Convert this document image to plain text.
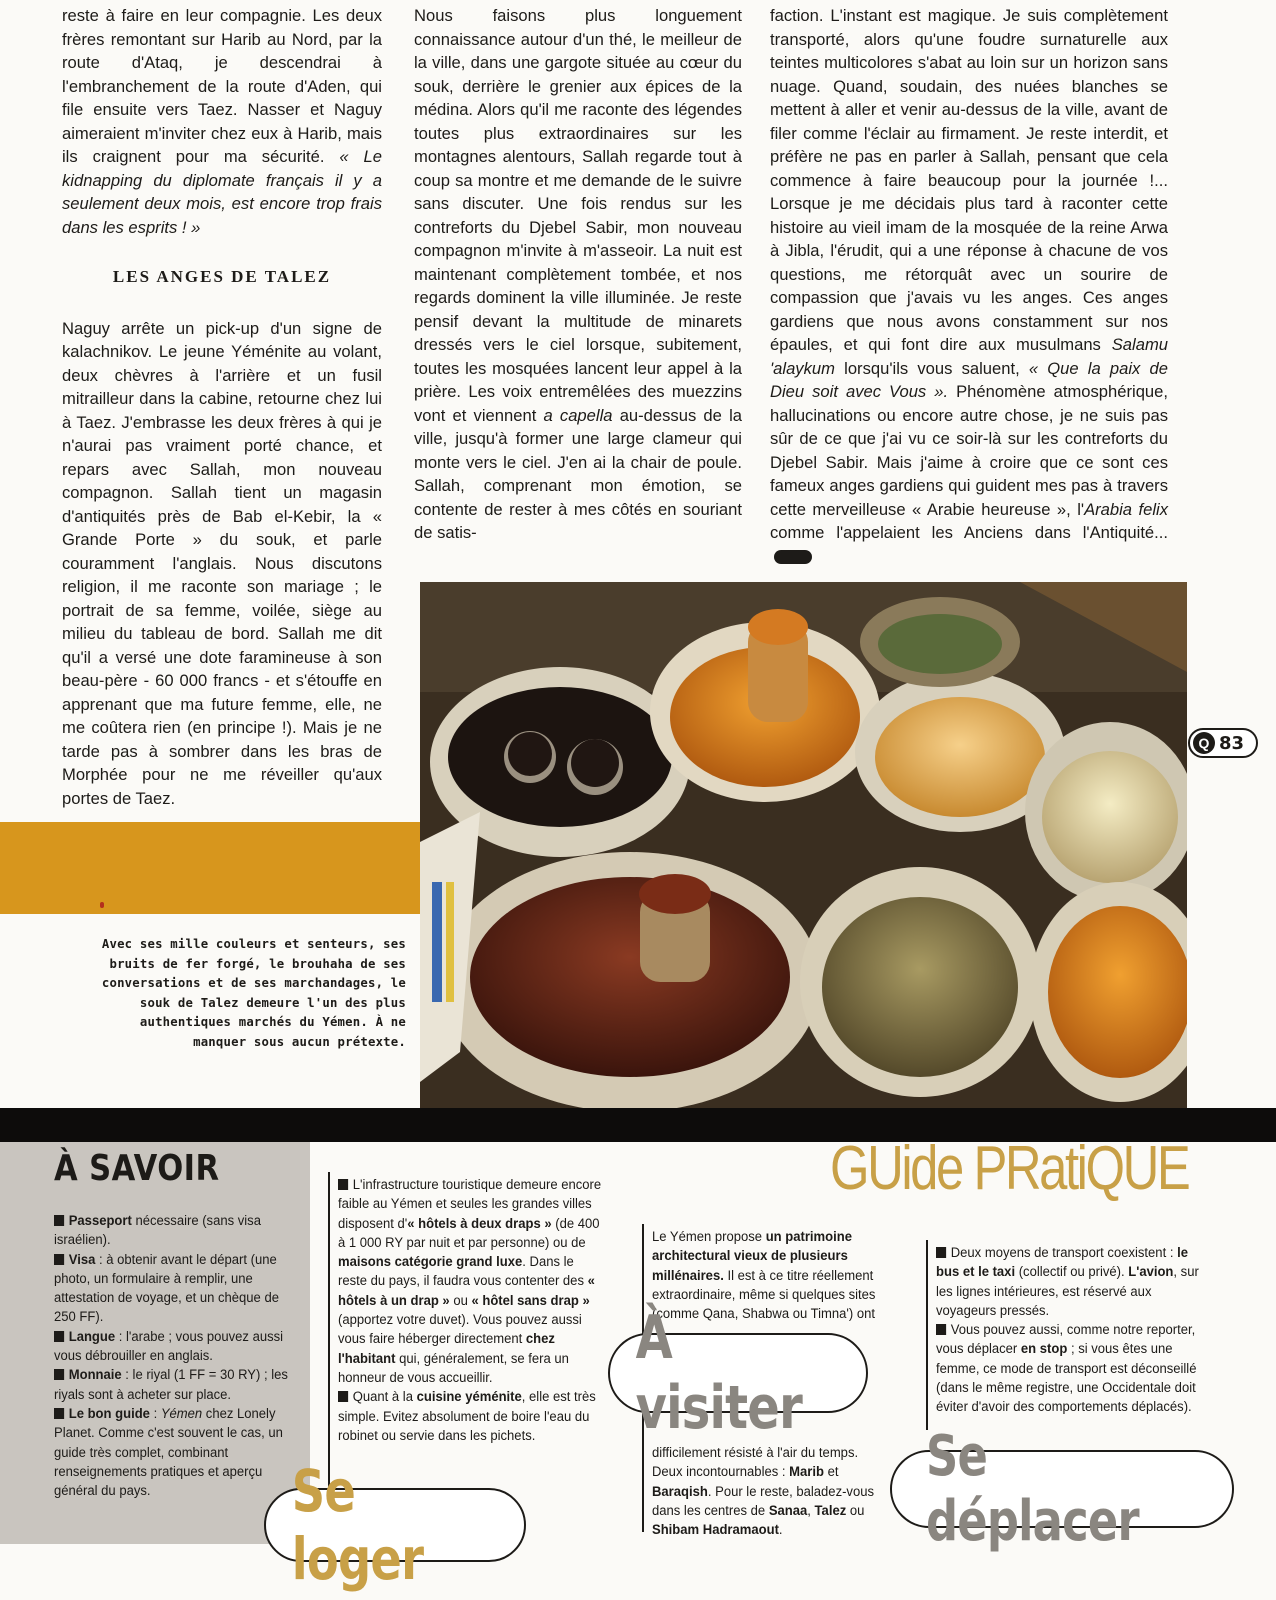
reste à faire en leur compagnie. Les deux frères remontant sur Harib au Nord, par la route d'Ataq, je descendrai à l'embranchement de la route d'Aden, qui file ensuite vers Taez. Nasser et Naguy aimeraient m'inviter chez eux à Harib, mais ils craignent pour ma sécurité. « Le kidnapping du diplomate français il y a seulement deux mois, est encore trop frais dans les esprits ! »

LES ANGES DE TALEZ

Naguy arrête un pick-up d'un signe de kalachnikov. Le jeune Yéménite au volant, deux chèvres à l'arrière et un fusil mitrailleur dans la cabine, retourne chez lui à Taez. J'embrasse les deux frères à qui je n'aurai pas vraiment porté chance, et repars avec Sallah, mon nouveau compagnon. Sallah tient un magasin d'antiquités près de Bab el-Kebir, la « Grande Porte » du souk, et parle couramment l'anglais. Nous discutons religion, il me raconte son mariage ; le portrait de sa femme, voilée, siège au milieu du tableau de bord. Sallah me dit qu'il a versé une dote faramineuse à son beau-père - 60 000 francs - et s'étouffe en apprenant que ma future femme, elle, ne me coûtera rien (en principe !). Mais je ne tarde pas à sombrer dans les bras de Morphée pour ne me réveiller qu'aux portes de Taez.

Nous faisons plus longuement connaissance autour d'un thé, le meilleur de la ville, dans une gargote située au cœur du souk, derrière le grenier aux épices de la médina. Alors qu'il me raconte des légendes toutes plus extraordinaires sur les montagnes alentours, Sallah regarde tout à coup sa montre et me demande de le suivre sans discuter. Une fois rendus sur les contreforts du Djebel Sabir, mon nouveau compagnon m'invite à m'asseoir. La nuit est maintenant complètement tombée, et nos regards dominent la ville illuminée. Je reste pensif devant la multitude de minarets dressés vers le ciel lorsque, subitement, toutes les mosquées lancent leur appel à la prière. Les voix entremêlées des muezzins vont et viennent a capella au-dessus de la ville, jusqu'à former une large clameur qui monte vers le ciel. J'en ai la chair de poule. Sallah, comprenant mon émotion, se contente de rester à mes côtés en souriant de satis-

faction. L'instant est magique. Je suis complètement transporté, alors qu'une foudre surnaturelle aux teintes multicolores s'abat au loin sur un horizon sans nuage. Quand, soudain, des nuées blanches se mettent à aller et venir au-dessus de la ville, avant de filer comme l'éclair au firmament. Je reste interdit, et préfère ne pas en parler à Sallah, pensant que cela commence à faire beaucoup pour la journée !... Lorsque je me décidais plus tard à raconter cette histoire au vieil imam de la mosquée de la reine Arwa à Jibla, l'érudit, qui a une réponse à chacune de vos questions, me rétorquât avec un sourire de compassion que j'avais vu les anges. Ces anges gardiens que nous avons constamment sur nos épaules, et qui font dire aux musulmans Salamu 'alaykum lorsqu'ils vous saluent, « Que la paix de Dieu soit avec Vous ». Phénomène atmosphérique, hallucinations ou encore autre chose, je ne suis pas sûr de ce que j'ai vu ce soir-là sur les contreforts du Djebel Sabir. Mais j'aime à croire que ce sont ces fameux anges gardiens qui guident mes pas à travers cette merveilleuse « Arabie heureuse », l'Arabia felix comme l'appelaient les Anciens dans l'Antiquité...

Avec ses mille couleurs et senteurs, ses bruits de fer forgé, le brouhaha de ses conversations et de ses marchandages, le souk de Talez demeure l'un des plus authentiques marchés du Yémen. À ne manquer sous aucun prétexte.
Q 83
À SAVOIR

Passeport nécessaire (sans visa israélien).

Visa : à obtenir avant le départ (une photo, un formulaire à remplir, une attestation de voyage, et un chèque de 250 FF).

Langue : l'arabe ; vous pouvez aussi vous débrouiller en anglais.

Monnaie : le riyal (1 FF = 30 RY) ; les riyals sont à acheter sur place.

Le bon guide : Yémen chez Lonely Planet. Comme c'est souvent le cas, un guide très complet, combinant renseignements pratiques et aperçu général du pays.

GUide PRatiQUE

L'infrastructure touristique demeure encore faible au Yémen et seules les grandes villes disposent d'« hôtels à deux draps » (de 400 à 1 000 RY par nuit et par personne) ou de maisons catégorie grand luxe. Dans le reste du pays, il faudra vous contenter des « hôtels à un drap » ou « hôtel sans drap » (apportez votre duvet). Vous pouvez aussi vous faire héberger directement chez l'habitant qui, généralement, se fera un honneur de vous accueillir.

Quant à la cuisine yéménite, elle est très simple. Evitez absolument de boire l'eau du robinet ou servie dans les pichets.

Se loger

Le Yémen propose un patrimoine architectural vieux de plusieurs millénaires. Il est à ce titre réellement extraordinaire, même si quelques sites (comme Qana, Shabwa ou Timna') ont

À visiter

difficilement résisté à l'air du temps. Deux incontournables : Marib et Baraqish. Pour le reste, baladez-vous dans les centres de Sanaa, Talez ou Shibam Hadramaout.

Deux moyens de transport coexistent : le bus et le taxi (collectif ou privé). L'avion, sur les lignes intérieures, est réservé aux voyageurs pressés.

Vous pouvez aussi, comme notre reporter, vous déplacer en stop ; si vous êtes une femme, ce mode de transport est déconseillé (dans le même registre, une Occidentale doit éviter d'avoir des comportements déplacés).

Se déplacer
